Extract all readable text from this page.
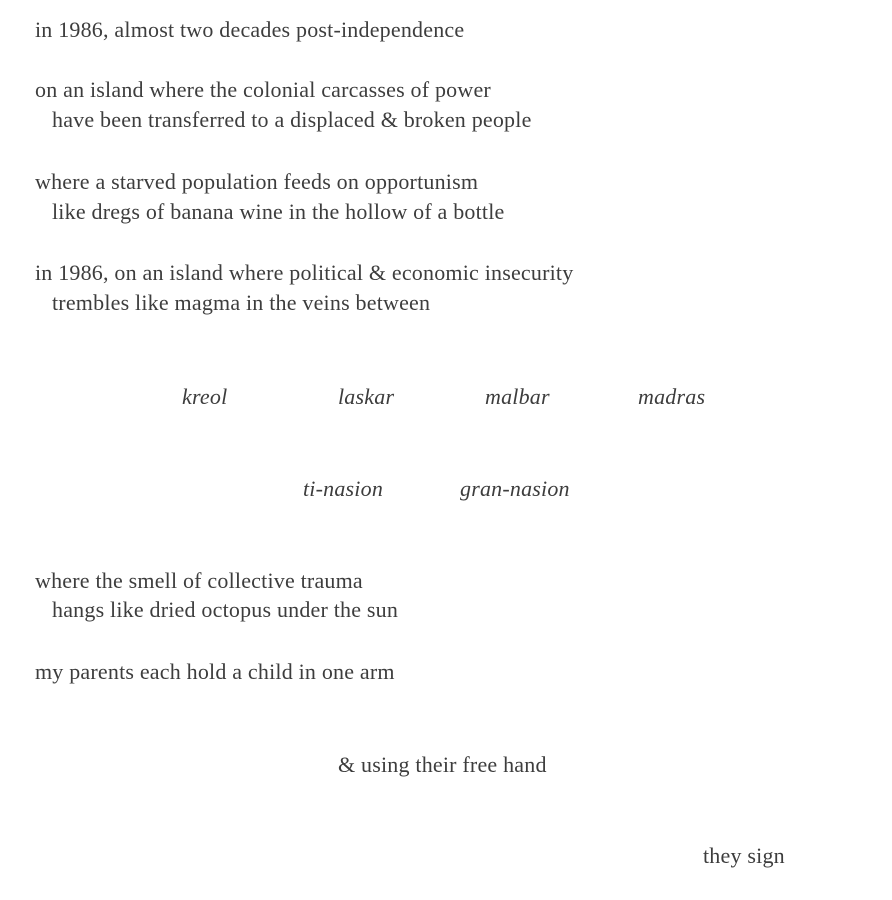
in 1986, almost two decades post-independence
on an island where the colonial carcasses of power
have been transferred to a displaced & broken people
where a starved population feeds on opportunism
like dregs of banana wine in the hollow of a bottle
in 1986, on an island where political & economic insecurity
trembles like magma in the veins between
kreol	laskar	malbar	madras
ti-nasion	gran-nasion
where the smell of collective trauma
hangs like dried octopus under the sun
my parents each hold a child in one arm
& using their free hand
they sign
